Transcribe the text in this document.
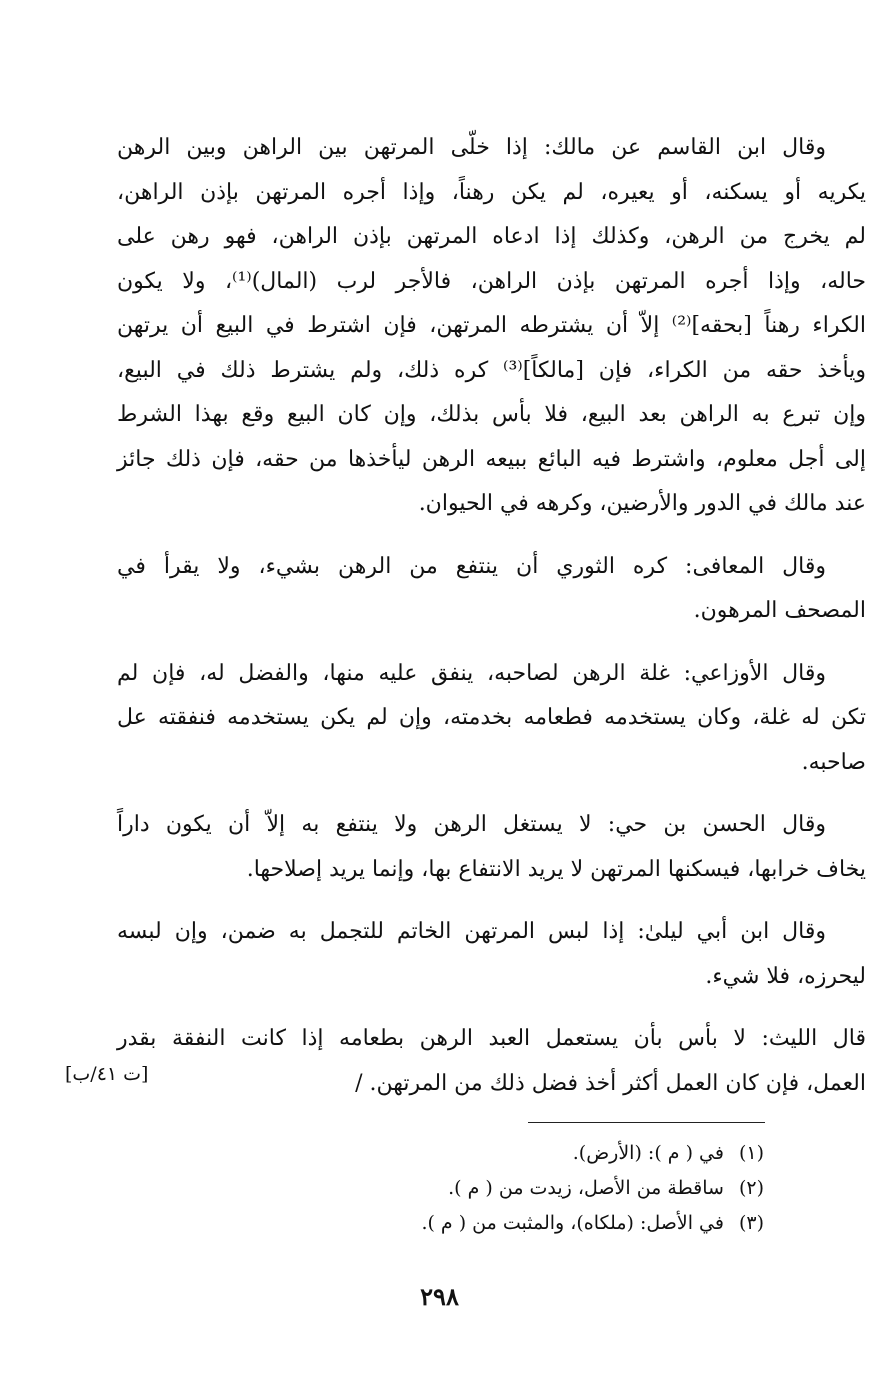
وقال ابن القاسم عن مالك: إذا خلّى المرتهن بين الراهن وبين الرهن
يكريه أو يسكنه، أو يعيره، لم يكن رهناً، وإذا أجره المرتهن بإذن الراهن،
لم يخرج من الرهن، وكذلك إذا ادعاه المرتهن بإذن الراهن، فهو رهن على
حاله، وإذا أجره المرتهن بإذن الراهن، فالأجر لرب (المال)⁽¹⁾، ولا يكون
الكراء رهناً [بحقه]⁽²⁾ إلاّ أن يشترطه المرتهن، فإن اشترط في البيع أن يرتهن
ويأخذ حقه من الكراء، فإن [مالكاً]⁽³⁾ كره ذلك، ولم يشترط ذلك في البيع،
وإن تبرع به الراهن بعد البيع، فلا بأس بذلك، وإن كان البيع وقع بهذا الشرط
إلى أجل معلوم، واشترط فيه البائع ببيعه الرهن ليأخذها من حقه، فإن ذلك جائز
عند مالك في الدور والأرضين، وكرهه في الحيوان.
وقال المعافى: كره الثوري أن ينتفع من الرهن بشيء، ولا يقرأ في
المصحف المرهون.
وقال الأوزاعي: غلة الرهن لصاحبه، ينفق عليه منها، والفضل له، فإن لم
تكن له غلة، وكان يستخدمه فطعامه بخدمته، وإن لم يكن يستخدمه فنفقته عل
صاحبه.
وقال الحسن بن حي: لا يستغل الرهن ولا ينتفع به إلاّ أن يكون داراً
يخاف خرابها، فيسكنها المرتهن لا يريد الانتفاع بها، وإنما يريد إصلاحها.
وقال ابن أبي ليلىٰ: إذا لبس المرتهن الخاتم للتجمل به ضمن، وإن لبسه
ليحرزه، فلا شيء.
قال الليث: لا بأس بأن يستعمل العبد الرهن بطعامه إذا كانت النفقة بقدر
العمل، فإن كان العمل أكثر أخذ فضل ذلك من المرتهن. /
[ت ٤١/ب]
(١) في ( م ): (الأرض).
(٢) ساقطة من الأصل، زيدت من ( م ).
(٣) في الأصل: (ملكاه)، والمثبت من ( م ).
٢٩٨
